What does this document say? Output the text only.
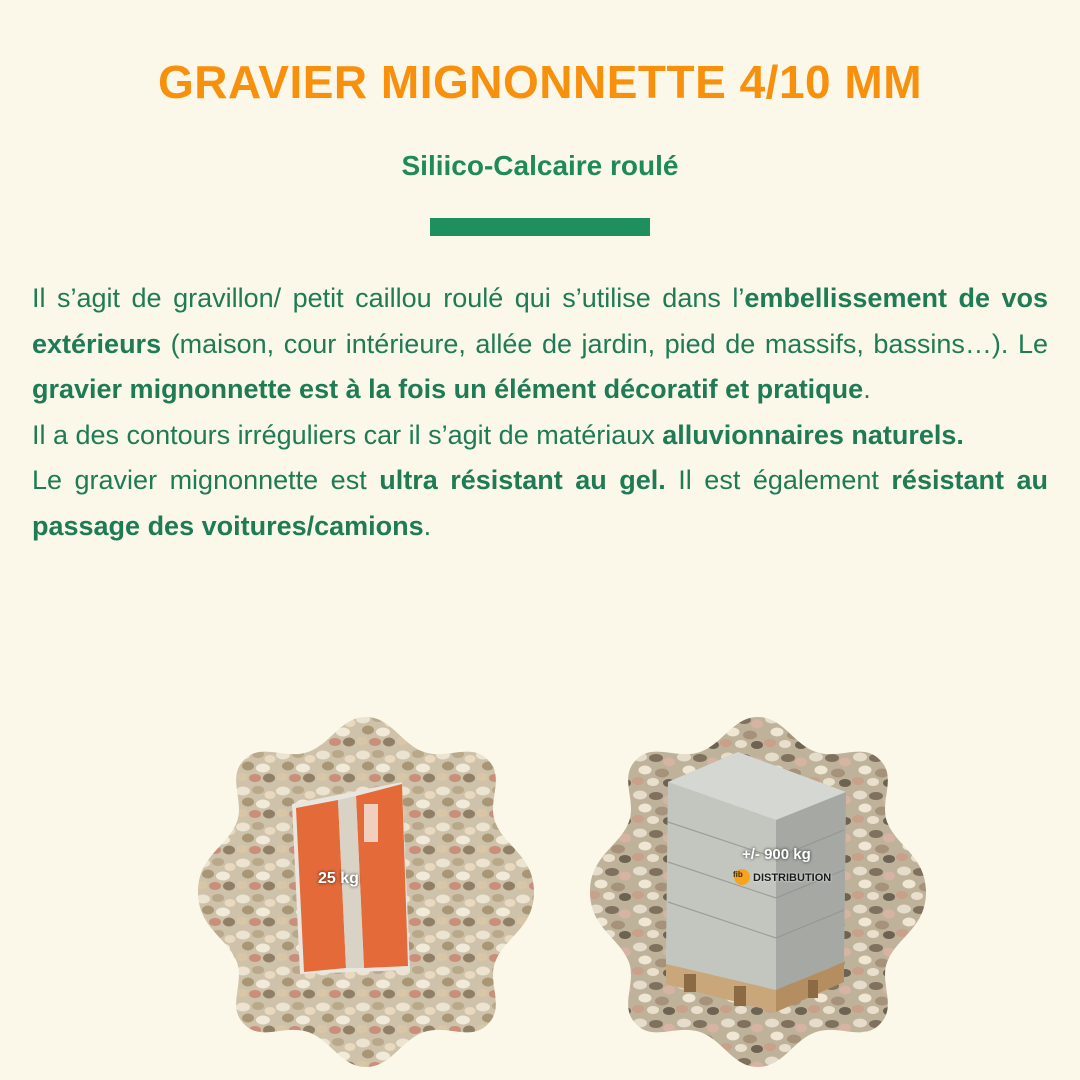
GRAVIER MIGNONNETTE 4/10 MM
Siliico-Calcaire roulé

Il s’agit de gravillon/ petit caillou roulé qui s’utilise dans l’embellissement de vos extérieurs (maison, cour intérieure, allée de jardin, pied de massifs, bassins…). Le gravier mignonnette est à la fois un élément décoratif et pratique.

Il a des contours irréguliers car il s’agit de matériaux alluvionnaires naturels.

Le gravier mignonnette est ultra résistant au gel. Il est également résistant au passage des voitures/camions.

25 kg
+/- 900 kg
fib DISTRIBUTION
